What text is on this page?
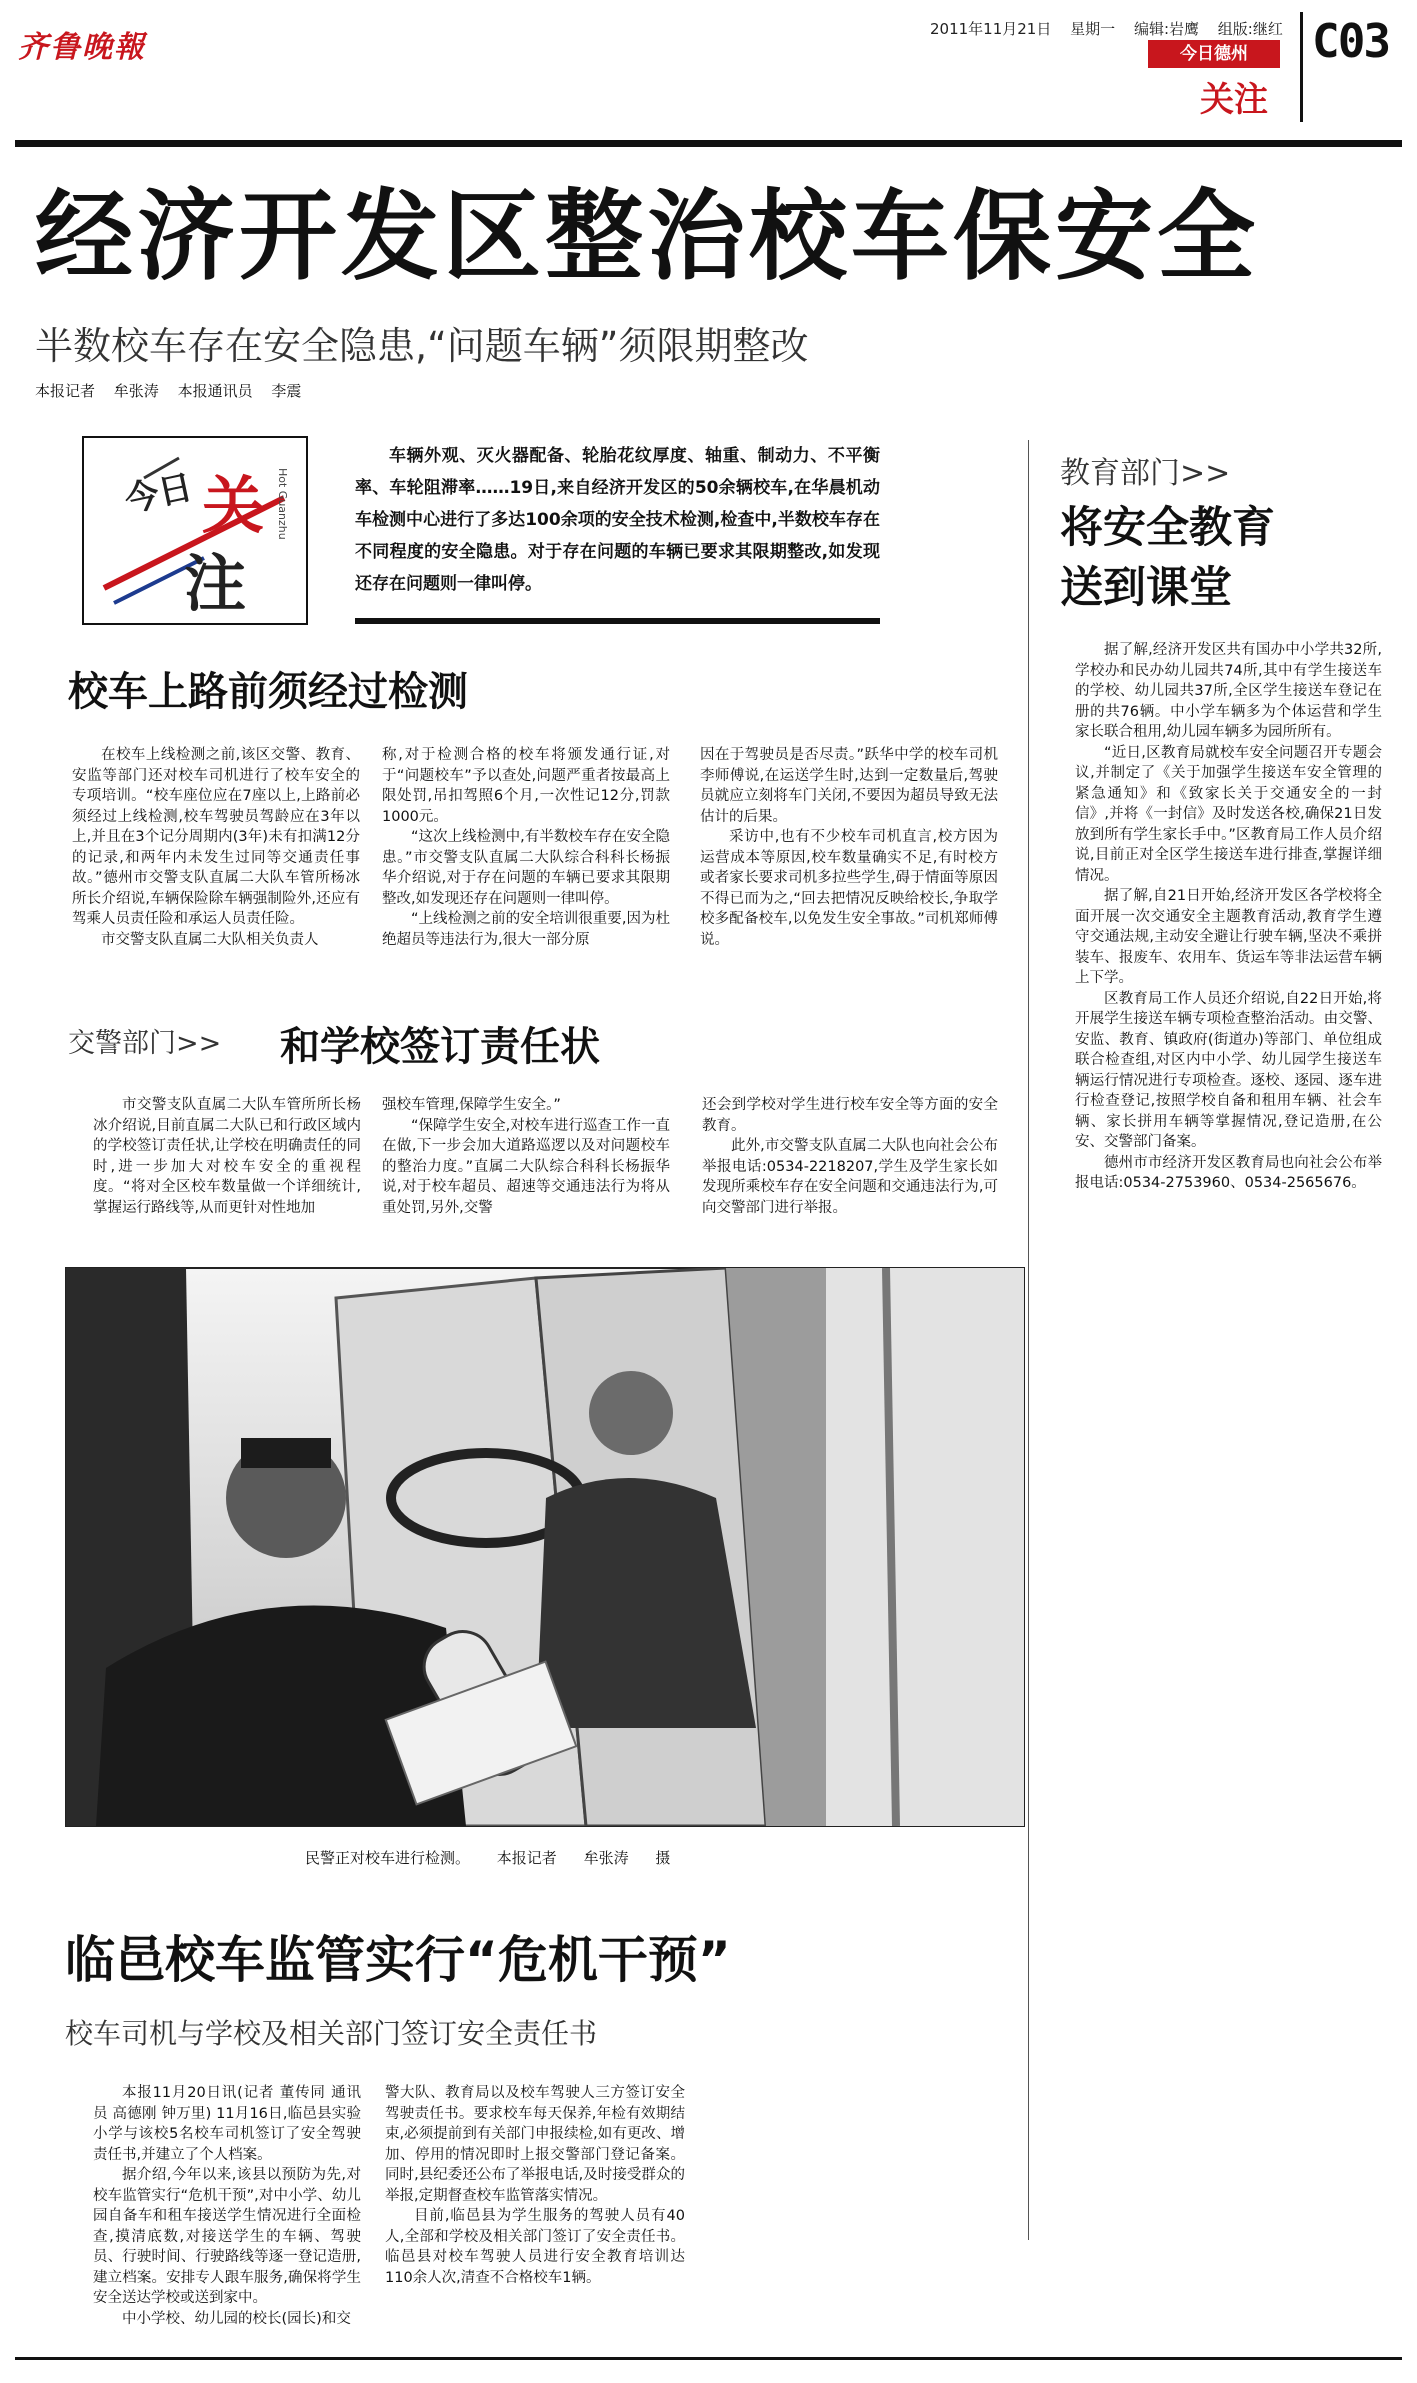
齐鲁晚報
2011年11月21日 星期一 编辑:岩鹰 组版:继红
今日德州
关注
C03
经济开发区整治校车保安全
半数校车存在安全隐患,“问题车辆”须限期整改
本报记者 牟张涛 本报通讯员 李震
今日 关
注
Hot Guanzhu
车辆外观、灭火器配备、轮胎花纹厚度、轴重、制动力、不平衡率、车轮阻滞率……19日,来自经济开发区的50余辆校车,在华晨机动车检测中心进行了多达100余项的安全技术检测,检查中,半数校车存在不同程度的安全隐患。对于存在问题的车辆已要求其限期整改,如发现还存在问题则一律叫停。
校车上路前须经过检测

在校车上线检测之前,该区交警、教育、安监等部门还对校车司机进行了校车安全的专项培训。“校车座位应在7座以上,上路前必须经过上线检测,校车驾驶员驾龄应在3年以上,并且在3个记分周期内(3年)未有扣满12分的记录,和两年内未发生过同等交通责任事故。”德州市交警支队直属二大队车管所杨冰所长介绍说,车辆保险除车辆强制险外,还应有驾乘人员责任险和承运人员责任险。

市交警支队直属二大队相关负责人

称,对于检测合格的校车将颁发通行证,对于“问题校车”予以查处,问题严重者按最高上限处罚,吊扣驾照6个月,一次性记12分,罚款1000元。

“这次上线检测中,有半数校车存在安全隐患。”市交警支队直属二大队综合科科长杨振华介绍说,对于存在问题的车辆已要求其限期整改,如发现还存在问题则一律叫停。

“上线检测之前的安全培训很重要,因为杜绝超员等违法行为,很大一部分原

因在于驾驶员是否尽责。”跃华中学的校车司机李师傅说,在运送学生时,达到一定数量后,驾驶员就应立刻将车门关闭,不要因为超员导致无法估计的后果。

采访中,也有不少校车司机直言,校方因为运营成本等原因,校车数量确实不足,有时校方或者家长要求司机多拉些学生,碍于情面等原因不得已而为之,“回去把情况反映给校长,争取学校多配备校车,以免发生安全事故。”司机郑师傅说。

交警部门>> 和学校签订责任状

市交警支队直属二大队车管所所长杨冰介绍说,目前直属二大队已和行政区域内的学校签订责任状,让学校在明确责任的同时,进一步加大对校车安全的重视程度。“将对全区校车数量做一个详细统计,掌握运行路线等,从而更针对性地加

强校车管理,保障学生安全。”

“保障学生安全,对校车进行巡查工作一直在做,下一步会加大道路巡逻以及对问题校车的整治力度。”直属二大队综合科科长杨振华说,对于校车超员、超速等交通违法行为将从重处罚,另外,交警

还会到学校对学生进行校车安全等方面的安全教育。

此外,市交警支队直属二大队也向社会公布举报电话:0534-2218207,学生及学生家长如发现所乘校车存在安全问题和交通违法行为,可向交警部门进行举报。

教育部门>>
将安全教育
送到课堂

据了解,经济开发区共有国办中小学共32所,学校办和民办幼儿园共74所,其中有学生接送车的学校、幼儿园共37所,全区学生接送车登记在册的共76辆。中小学车辆多为个体运营和学生家长联合租用,幼儿园车辆多为园所所有。

“近日,区教育局就校车安全问题召开专题会议,并制定了《关于加强学生接送车安全管理的紧急通知》和《致家长关于交通安全的一封信》,并将《一封信》及时发送各校,确保21日发放到所有学生家长手中。”区教育局工作人员介绍说,目前正对全区学生接送车进行排查,掌握详细情况。

据了解,自21日开始,经济开发区各学校将全面开展一次交通安全主题教育活动,教育学生遵守交通法规,主动安全避让行驶车辆,坚决不乘拼装车、报废车、农用车、货运车等非法运营车辆上下学。

区教育局工作人员还介绍说,自22日开始,将开展学生接送车辆专项检查整治活动。由交警、安监、教育、镇政府(街道办)等部门、单位组成联合检查组,对区内中小学、幼儿园学生接送车辆运行情况进行专项检查。逐校、逐园、逐车进行检查登记,按照学校自备和租用车辆、社会车辆、家长拼用车辆等掌握情况,登记造册,在公安、交警部门备案。

德州市市经济开发区教育局也向社会公布举报电话:0534-2753960、0534-2565676。

民警正对校车进行检测。 本报记者 牟张涛 摄
临邑校车监管实行“危机干预”
校车司机与学校及相关部门签订安全责任书

本报11月20日讯(记者 董传同 通讯员 高德刚 钟万里) 11月16日,临邑县实验小学与该校5名校车司机签订了安全驾驶责任书,并建立了个人档案。

据介绍,今年以来,该县以预防为先,对校车监管实行“危机干预”,对中小学、幼儿园自备车和租车接送学生情况进行全面检查,摸清底数,对接送学生的车辆、驾驶员、行驶时间、行驶路线等逐一登记造册,建立档案。安排专人跟车服务,确保将学生安全送达学校或送到家中。

中小学校、幼儿园的校长(园长)和交

警大队、教育局以及校车驾驶人三方签订安全驾驶责任书。要求校车每天保养,年检有效期结束,必须提前到有关部门申报续检,如有更改、增加、停用的情况即时上报交警部门登记备案。同时,县纪委还公布了举报电话,及时接受群众的举报,定期督查校车监管落实情况。

目前,临邑县为学生服务的驾驶人员有40人,全部和学校及相关部门签订了安全责任书。临邑县对校车驾驶人员进行安全教育培训达110余人次,清查不合格校车1辆。
